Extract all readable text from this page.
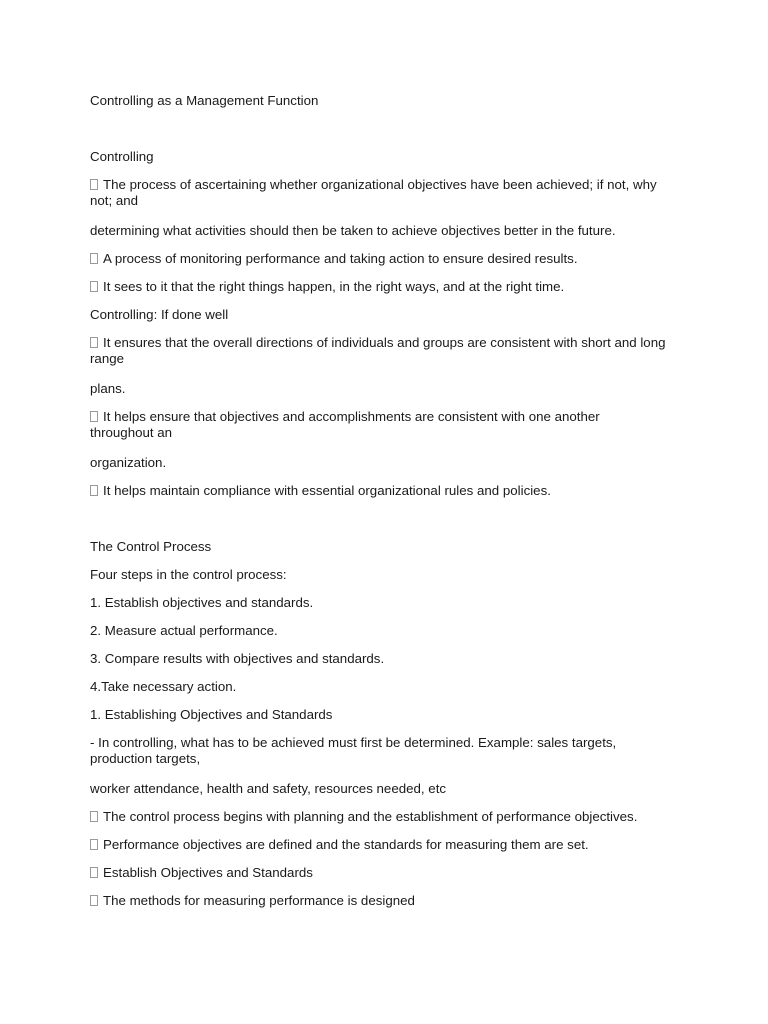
Controlling as a Management Function

Controlling

The process of ascertaining whether organizational objectives have been achieved; if not, why not; and

determining what activities should then be taken to achieve objectives better in the future.

A process of monitoring performance and taking action to ensure desired results.

It sees to it that the right things happen, in the right ways, and at the right time.

Controlling: If done well

It ensures that the overall directions of individuals and groups are consistent with short and long range

plans.

It helps ensure that objectives and accomplishments are consistent with one another throughout an

organization.

It helps maintain compliance with essential organizational rules and policies.

The Control Process

Four steps in the control process:

1. Establish objectives and standards.

2. Measure actual performance.

3. Compare results with objectives and standards.

4.Take necessary action.

1. Establishing Objectives and Standards

- In controlling, what has to be achieved must first be determined. Example: sales targets, production targets,

worker attendance, health and safety, resources needed, etc

The control process begins with planning and the establishment of performance objectives.

Performance objectives are defined and the standards for measuring them are set.

Establish Objectives and Standards

The methods for measuring performance is designed
